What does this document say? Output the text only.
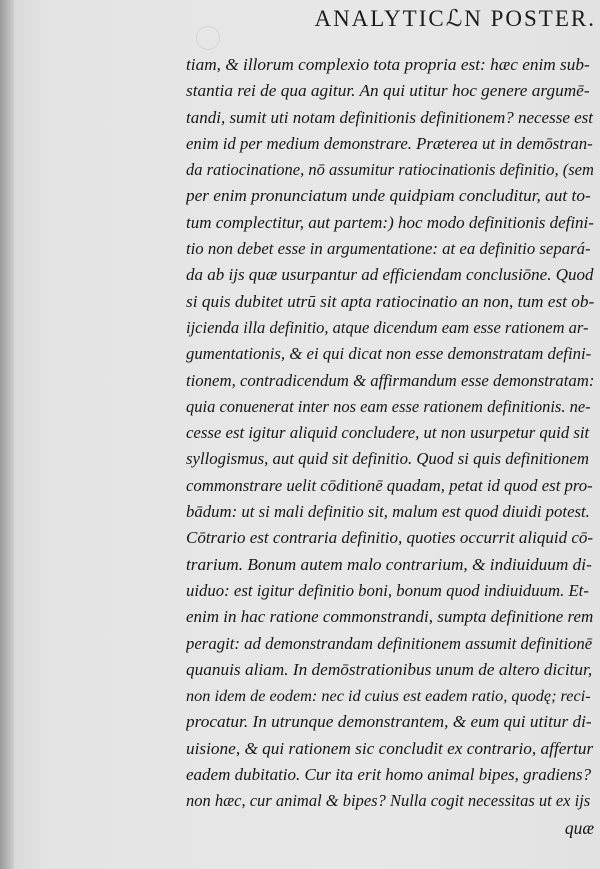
ANALYTICℒN POSTER.
tiam, & illorum complexio tota propria est: hæc enim sub-
stantia rei de qua agitur. An qui utitur hoc genere argumē-
tandi, sumit uti notam definitionis definitionem? necesse est
enim id per medium demonstrare. Præterea ut in demōstran-
da ratiocinatione, nō assumitur ratiocinationis definitio, (sem
per enim pronunciatum unde quidpiam concluditur, aut to-
tum complectitur, aut partem:) hoc modo definitionis defini-
tio non debet esse in argumentatione: at ea definitio separá-
da ab ijs quæ usurpantur ad efficiendam conclusiōne. Quod
si quis dubitet utrū sit apta ratiocinatio an non, tum est ob-
ijcienda illa definitio, atque dicendum eam esse rationem ar-
gumentationis, & ei qui dicat non esse demonstratam defini-
tionem, contradicendum & affirmandum esse demonstratam:
quia conuenerat inter nos eam esse rationem definitionis. ne-
cesse est igitur aliquid concludere, ut non usurpetur quid sit
syllogismus, aut quid sit definitio. Quod si quis definitionem
commonstrare uelit cōditionē quadam, petat id quod est pro-
bādum: ut si mali definitio sit, malum est quod diuidi potest.
Cōtrario est contraria definitio, quoties occurrit aliquid cō-
trarium. Bonum autem malo contrarium, & indiuiduum di-
uiduo: est igitur definitio boni, bonum quod indiuiduum. Et-
enim in hac ratione commonstrandi, sumpta definitione rem
peragit: ad demonstrandam definitionem assumit definitionē
quanuis aliam. In demōstrationibus unum de altero dicitur,
non idem de eodem: nec id cuius est eadem ratio, quodę; reci-
procatur. In utrunque demonstrantem, & eum qui utitur di-
uisione, & qui rationem sic concludit ex contrario, affertur
eadem dubitatio. Cur ita erit homo animal bipes, gradiens?
non hæc, cur animal & bipes? Nulla cogit necessitas ut ex ijs
quæ
